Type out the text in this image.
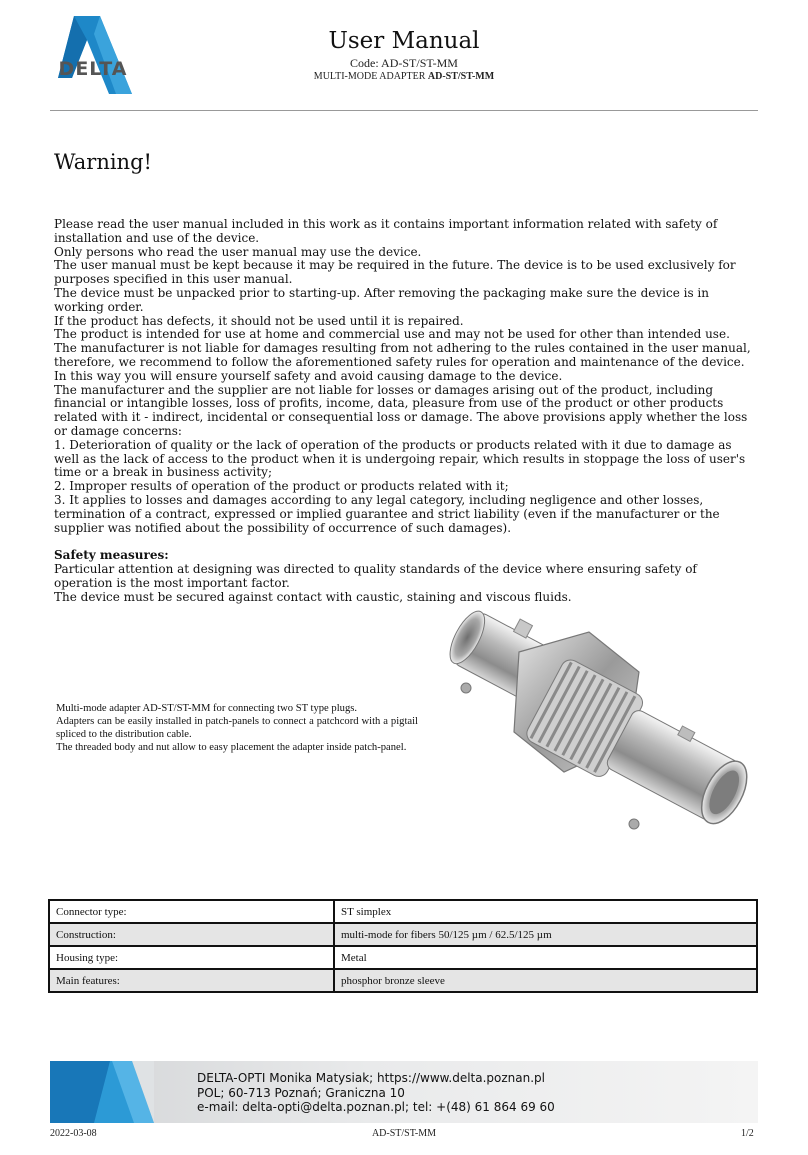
DELTA
User Manual
Code: AD-ST/ST-MM
MULTI-MODE ADAPTER AD-ST/ST-MM
Warning!

Please read the user manual included in this work as it contains important information related with safety of installation and use of the device.

Only persons who read the user manual may use the device.

The user manual must be kept because it may be required in the future. The device is to be used exclusively for purposes specified in this user manual.

The device must be unpacked prior to starting-up. After removing the packaging make sure the device is in working order.

If the product has defects, it should not be used until it is repaired.

The product is intended for use at home and commercial use and may not be used for other than intended use.

The manufacturer is not liable for damages resulting from not adhering to the rules contained in the user manual, therefore, we recommend to follow the aforementioned safety rules for operation and maintenance of the device. In this way you will ensure yourself safety and avoid causing damage to the device.

The manufacturer and the supplier are not liable for losses or damages arising out of the product, including financial or intangible losses, loss of profits, income, data, pleasure from use of the product or other products related with it - indirect, incidental or consequential loss or damage. The above provisions apply whether the loss or damage concerns:

1. Deterioration of quality or the lack of operation of the products or products related with it due to damage as well as the lack of access to the product when it is undergoing repair, which results in stoppage the loss of user's time or a break in business activity;

2. Improper results of operation of the product or products related with it;

3. It applies to losses and damages according to any legal category, including negligence and other losses, termination of a contract, expressed or implied guarantee and strict liability (even if the manufacturer or the supplier was notified about the possibility of occurrence of such damages).

Safety measures:

Particular attention at designing was directed to quality standards of the device where ensuring safety of operation is the most important factor.

The device must be secured against contact with caustic, staining and viscous fluids.

Multi-mode adapter AD-ST/ST-MM for connecting two ST type plugs.

Adapters can be easily installed in patch-panels to connect a patchcord with a pigtail spliced to the distribution cable.

The threaded body and nut allow to easy placement the adapter inside patch-panel.

Connector type:	ST simplex
Construction:	multi-mode for fibers 50/125 µm / 62.5/125 µm
Housing type:	Metal
Main features:	phosphor bronze sleeve
DELTA-OPTI Monika Matysiak; https://www.delta.poznan.pl
POL; 60-713 Poznań; Graniczna 10
e-mail: delta-opti@delta.poznan.pl; tel: +(48) 61 864 69 60
2022-03-08	AD-ST/ST-MM	1/2
